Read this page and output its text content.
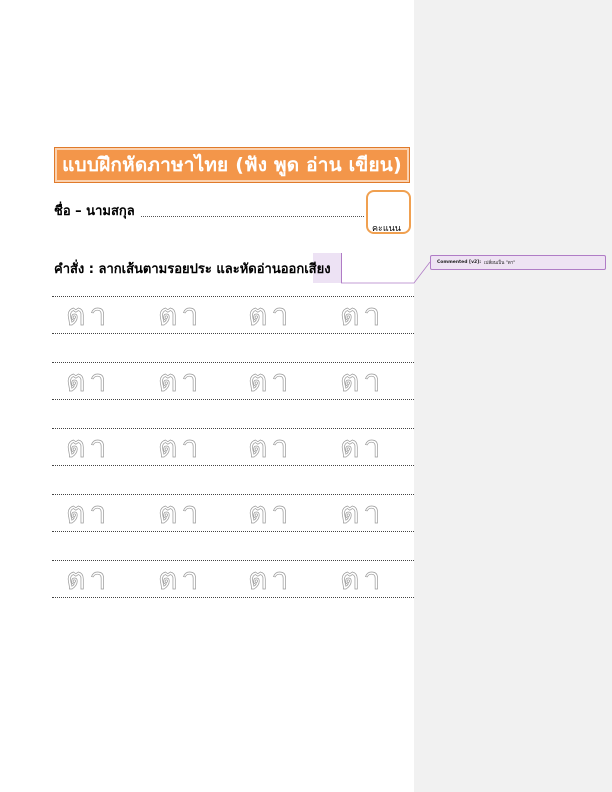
แบบฝึกหัดภาษาไทย (ฟัง พูด อ่าน เขียน)
ชื่อ – นามสกุล
คะแนน
คำสั่ง : ลากเส้นตามรอยประ และหัดอ่านออกเสียง	Commented [v2]: เปลี่ยนเป็น "ตา"
ตา ตา ตา ตา
ตา ตา ตา ตา
ตา ตา ตา ตา
ตา ตา ตา ตา
ตา ตา ตา ตา
